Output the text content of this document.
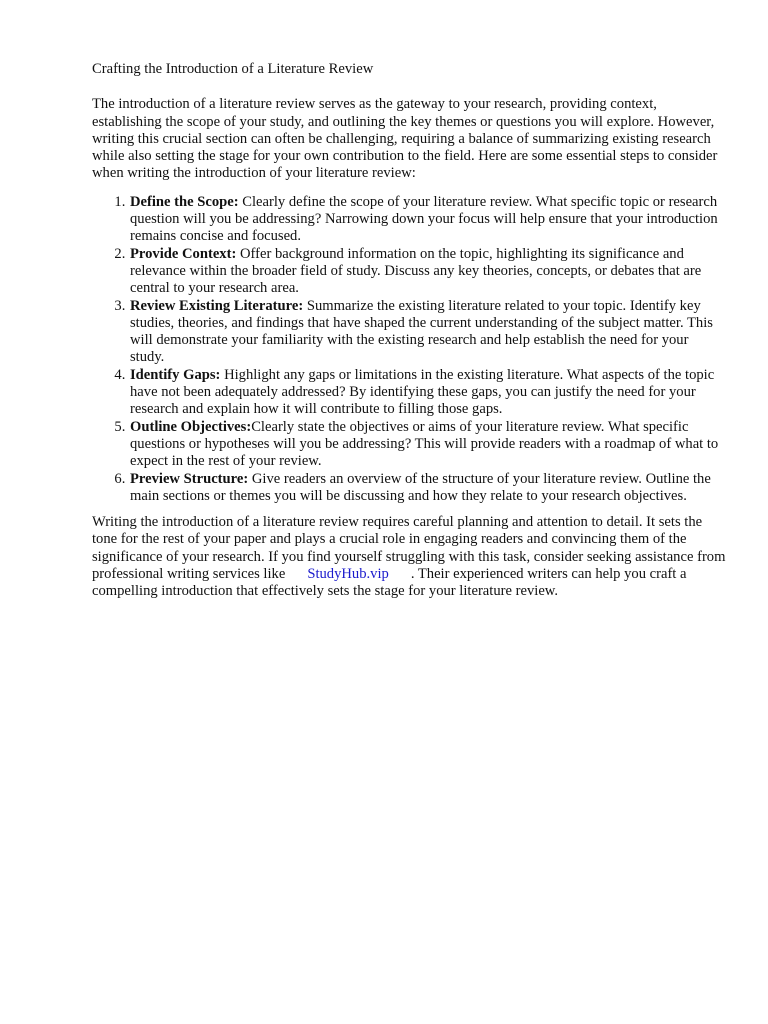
Crafting the Introduction of a Literature Review

The introduction of a literature review serves as the gateway to your research, providing context, establishing the scope of your study, and outlining the key themes or questions you will explore. However, writing this crucial section can often be challenging, requiring a balance of summarizing existing research while also setting the stage for your own contribution to the field. Here are some essential steps to consider when writing the introduction of your literature review:

1. Define the Scope: Clearly define the scope of your literature review. What specific topic or research question will you be addressing? Narrowing down your focus will help ensure that your introduction remains concise and focused.
2. Provide Context: Offer background information on the topic, highlighting its significance and relevance within the broader field of study. Discuss any key theories, concepts, or debates that are central to your research area.
3. Review Existing Literature: Summarize the existing literature related to your topic. Identify key studies, theories, and findings that have shaped the current understanding of the subject matter. This will demonstrate your familiarity with the existing research and help establish the need for your study.
4. Identify Gaps: Highlight any gaps or limitations in the existing literature. What aspects of the topic have not been adequately addressed? By identifying these gaps, you can justify the need for your research and explain how it will contribute to filling those gaps.
5. Outline Objectives:Clearly state the objectives or aims of your literature review. What specific questions or hypotheses will you be addressing? This will provide readers with a roadmap of what to expect in the rest of your review.
6. Preview Structure: Give readers an overview of the structure of your literature review. Outline the main sections or themes you will be discussing and how they relate to your research objectives.

Writing the introduction of a literature review requires careful planning and attention to detail. It sets the tone for the rest of your paper and plays a crucial role in engaging readers and convincing them of the significance of your research. If you find yourself struggling with this task, consider seeking assistance from professional writing services like StudyHub.vip . Their experienced writers can help you craft a compelling introduction that effectively sets the stage for your literature review.
